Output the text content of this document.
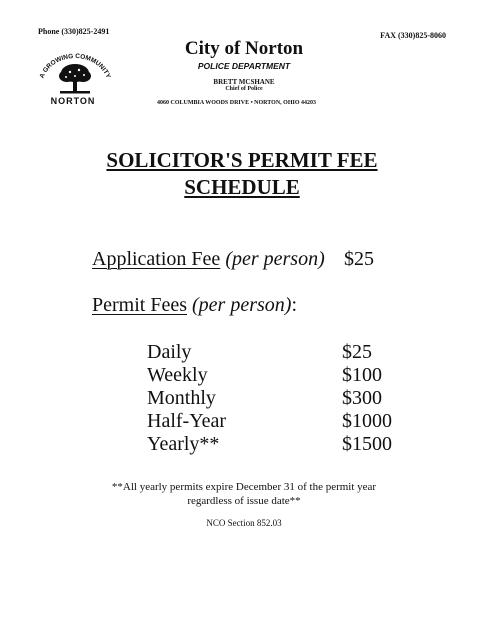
Phone (330)825-2491	FAX (330)825-8060
A GROWING COMMUNITY
NORTON
City of Norton
POLICE DEPARTMENT
BRETT MCSHANE
Chief of Police
4060 COLUMBIA WOODS DRIVE • NORTON, OHIO 44203
SOLICITOR'S PERMIT FEE
SCHEDULE
Application Fee (per person) $25
Permit Fees (per person):
Daily	$25
Weekly	$100
Monthly	$300
Half-Year	$1000
Yearly**	$1500
**All yearly permits expire December 31 of the permit year
regardless of issue date**
NCO Section 852.03
